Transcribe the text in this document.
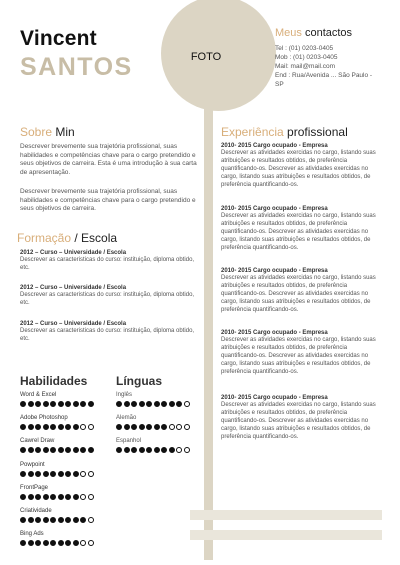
FOTO
Vincent
SANTOS
Meus contactos
Tel : (01) 0203-0405
Mob : (01) 0203-0405
Mail: mail@mail.com
End : Rua/Avenida ... São Paulo -
SP
Sobre Min
Descrever brevemente sua trajetória profissional, suas habilidades e competências chave para o cargo pretendido e seus objetivos de carreira. Esta é uma introdução à sua carta de apresentação.
Descrever brevemente sua trajetória profissional, suas habilidades e competências chave para o cargo pretendido e seus objetivos de carreira.
Formação / Escola
2012 – Curso – Universidade / Escola
Descrever as caracteristicas do curso: instituição, diploma obtido, etc.
2012 – Curso – Universidade / Escola
Descrever as caracteristicas do curso: instituição, diploma obtido, etc.
2012 – Curso – Universidade / Escola
Descrever as caracteristicas do curso: instituição, diploma obtido, etc.
Experiência profissional
2010- 2015 Cargo ocupado - Empresa
Descrever as atividades exercidas no cargo, listando suas atribuições e resultados obtidos, de preferência quantificando-os. Descrever as atividades exercidas no cargo, listando suas atribuições e resultados obtidos, de preferência quantificando-os.
2010- 2015 Cargo ocupado - Empresa
Descrever as atividades exercidas no cargo, listando suas atribuições e resultados obtidos, de preferência quantificando-os. Descrever as atividades exercidas no cargo, listando suas atribuições e resultados obtidos, de preferência quantificando-os.
2010- 2015 Cargo ocupado - Empresa
Descrever as atividades exercidas no cargo, listando suas atribuições e resultados obtidos, de preferência quantificando-os. Descrever as atividades exercidas no cargo, listando suas atribuições e resultados obtidos, de preferência quantificando-os.
2010- 2015 Cargo ocupado - Empresa
Descrever as atividades exercidas no cargo, listando suas atribuições e resultados obtidos, de preferência quantificando-os. Descrever as atividades exercidas no cargo, listando suas atribuições e resultados obtidos, de preferência quantificando-os.
2010- 2015 Cargo ocupado - Empresa
Descrever as atividades exercidas no cargo, listando suas atribuições e resultados obtidos, de preferência quantificando-os. Descrever as atividades exercidas no cargo, listando suas atribuições e resultados obtidos, de preferência quantificando-os.
Habilidades Línguas
Word & Excel
Adobe Photoshop
Cawrel Draw
Powpoint
FrontPage
Criatividade
Bing Ads
Inglês
Alemão
Espanhol
